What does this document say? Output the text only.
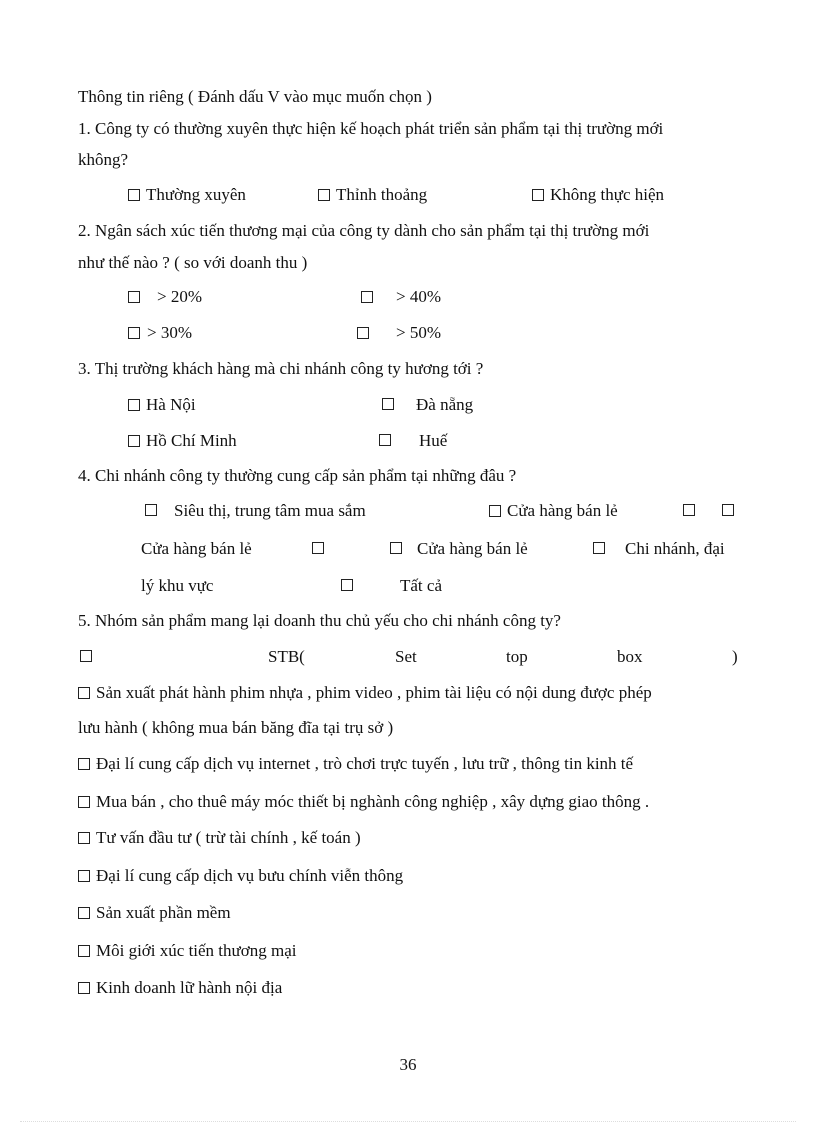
Thông tin riêng ( Đánh dấu V vào mục muốn chọn )
1. Công ty có thường xuyên thực hiện kế hoạch phát triển sản phẩm tại thị trường mới
không?
Thường xuyên	Thỉnh thoảng	Không thực hiện
2. Ngân sách xúc tiến thương mại của công ty dành cho sản phẩm tại thị trường mới
như thế nào ? ( so với doanh thu )
> 20%	> 40%
> 30%	> 50%
3. Thị trường khách hàng mà chi nhánh công ty hương tới ?
Hà Nội	Đà nẵng
Hồ Chí Minh	Huế
4. Chi nhánh công ty thường cung cấp sản phẩm tại những đâu ?
Siêu thị, trung tâm mua sắm	Cửa hàng bán lẻ
Cửa hàng bán lẻ	Cửa hàng bán lẻ	Chi nhánh, đại
lý khu vực	Tất cả
5. Nhóm sản phẩm mang lại doanh thu chủ yếu cho chi nhánh công ty?
STB(	Set	top	box	)
Sản xuất phát hành phim nhựa , phim video , phim tài liệu có nội dung được phép
lưu hành ( không mua bán băng đĩa tại trụ sở )
Đại lí cung cấp dịch vụ internet , trò chơi trực tuyến , lưu trữ , thông tin kinh tế
Mua bán , cho thuê máy móc thiết bị nghành công nghiệp , xây dựng giao thông .
Tư vấn đầu tư ( trừ tài chính , kế toán )
Đại lí cung cấp dịch vụ bưu chính viễn thông
Sản xuất phần mềm
Môi giới xúc tiến thương mại
Kinh doanh lữ hành nội địa
36
